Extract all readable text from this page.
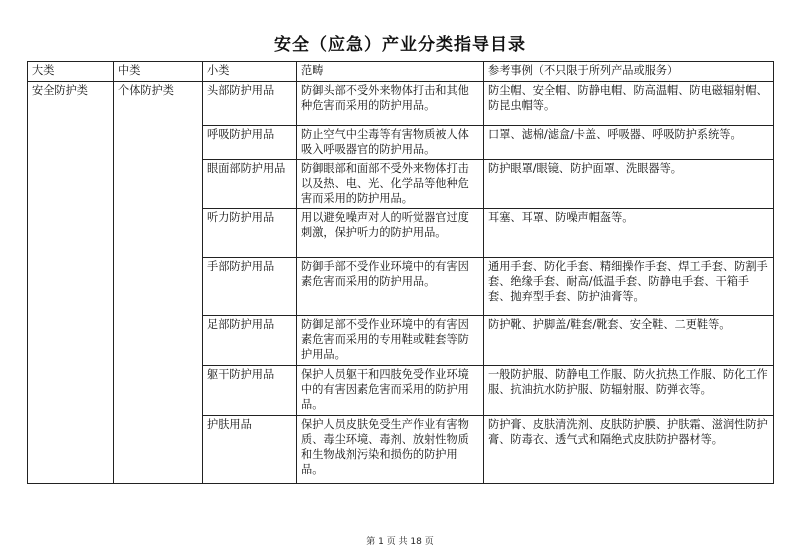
安全（应急）产业分类指导目录
大类	中类	小类	范畴	参考事例（不只限于所列产品或服务）
安全防护类	个体防护类	头部防护用品	防御头部不受外来物体打击和其他种危害而采用的防护用品。	防尘帽、安全帽、防静电帽、防高温帽、防电磁辐射帽、防昆虫帽等。
		呼吸防护用品	防止空气中尘毒等有害物质被人体吸入呼吸器官的防护用品。	口罩、滤棉/滤盒/卡盖、呼吸器、呼吸防护系统等。
		眼面部防护用品	防御眼部和面部不受外来物体打击以及热、电、光、化学品等他种危害而采用的防护用品。	防护眼罩/眼镜、防护面罩、洗眼器等。
		听力防护用品	用以避免噪声对人的听觉器官过度刺激，保护听力的防护用品。	耳塞、耳罩、防噪声帽盔等。
		手部防护用品	防御手部不受作业环境中的有害因素危害而采用的防护用品。	通用手套、防化手套、精细操作手套、焊工手套、防割手套、绝缘手套、耐高/低温手套、防静电手套、干箱手套、抛弃型手套、防护油膏等。
		足部防护用品	防御足部不受作业环境中的有害因素危害而采用的专用鞋或鞋套等防护用品。	防护靴、护脚盖/鞋套/靴套、安全鞋、二更鞋等。
		躯干防护用品	保护人员躯干和四肢免受作业环境中的有害因素危害而采用的防护用品。	一般防护服、防静电工作服、防火抗热工作服、防化工作服、抗油抗水防护服、防辐射服、防弹衣等。
		护肤用品	保护人员皮肤免受生产作业有害物质、毒尘环境、毒剂、放射性物质和生物战剂污染和损伤的防护用品。	防护膏、皮肤清洗剂、皮肤防护膜、护肤霜、滋润性防护膏、防毒衣、透气式和隔绝式皮肤防护器材等。
第 1 页 共 18 页
